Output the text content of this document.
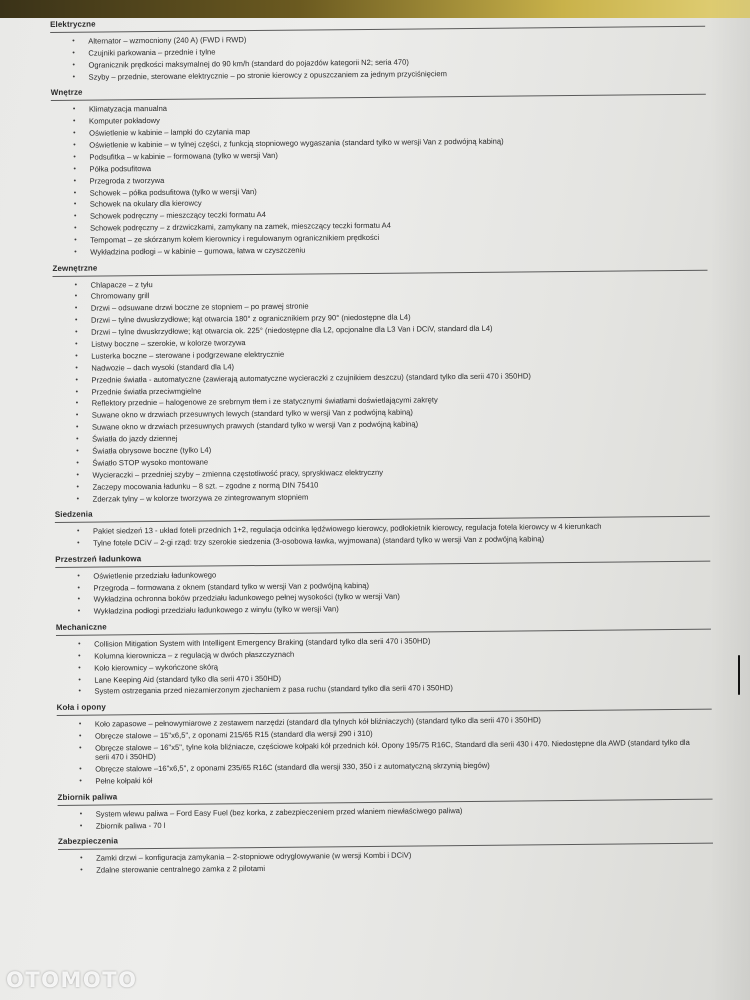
Elektryczne
• Alternator – wzmocniony (240 A) (FWD i RWD)
• Czujniki parkowania – przednie i tylne
• Ogranicznik prędkości maksymalnej do 90 km/h (standard do pojazdów kategorii N2; seria 470)
• Szyby – przednie, sterowane elektrycznie – po stronie kierowcy z opuszczaniem za jednym przyciśnięciem
Wnętrze
• Klimatyzacja manualna
• Komputer pokładowy
• Oświetlenie w kabinie – lampki do czytania map
• Oświetlenie w kabinie – w tylnej części, z funkcją stopniowego wygaszania (standard tylko w wersji Van z podwójną kabiną)
• Podsufitka – w kabinie – formowana (tylko w wersji Van)
• Półka podsufitowa
• Przegroda z tworzywa
• Schowek – półka podsufitowa (tylko w wersji Van)
• Schowek na okulary dla kierowcy
• Schowek podręczny – mieszczący teczki formatu A4
• Schowek podręczny – z drzwiczkami, zamykany na zamek, mieszczący teczki formatu A4
• Tempomat – ze skórzanym kołem kierownicy i regulowanym ogranicznikiem prędkości
• Wykładzina podłogi – w kabinie – gumowa, łatwa w czyszczeniu
Zewnętrzne
• Chlapacze – z tyłu
• Chromowany grill
• Drzwi – odsuwane drzwi boczne ze stopniem – po prawej stronie
• Drzwi – tylne dwuskrzydłowe; kąt otwarcia 180° z ogranicznikiem przy 90° (niedostępne dla L4)
• Drzwi – tylne dwuskrzydłowe; kąt otwarcia ok. 225° (niedostępne dla L2, opcjonalne dla L3 Van i DCiV, standard dla L4)
• Listwy boczne – szerokie, w kolorze tworzywa
• Lusterka boczne – sterowane i podgrzewane elektrycznie
• Nadwozie – dach wysoki (standard dla L4)
• Przednie światła - automatyczne (zawierają automatyczne wycieraczki z czujnikiem deszczu) (standard tylko dla serii 470 i 350HD)
• Przednie światła przeciwmgielne
• Reflektory przednie – halogenowe ze srebrnym tłem i ze statycznymi światłami doświetlającymi zakręty
• Suwane okno w drzwiach przesuwnych lewych (standard tylko w wersji Van z podwójną kabiną)
• Suwane okno w drzwiach przesuwnych prawych (standard tylko w wersji Van z podwójną kabiną)
• Światła do jazdy dziennej
• Światła obrysowe boczne (tylko L4)
• Światło STOP wysoko montowane
• Wycieraczki – przedniej szyby – zmienna częstotliwość pracy, spryskiwacz elektryczny
• Zaczepy mocowania ładunku – 8 szt. – zgodne z normą DIN 75410
• Zderzak tylny – w kolorze tworzywa ze zintegrowanym stopniem
Siedzenia
• Pakiet siedzeń 13 - układ foteli przednich 1+2, regulacja odcinka lędźwiowego kierowcy, podłokietnik kierowcy, regulacja fotela kierowcy w 4 kierunkach
• Tylne fotele DCiV – 2-gi rząd: trzy szerokie siedzenia (3-osobowa ławka, wyjmowana) (standard tylko w wersji Van z podwójną kabiną)
Przestrzeń ładunkowa
• Oświetlenie przedziału ładunkowego
• Przegroda – formowana z oknem (standard tylko w wersji Van z podwójną kabiną)
• Wykładzina ochronna boków przedziału ładunkowego pełnej wysokości (tylko w wersji Van)
• Wykładzina podłogi przedziału ładunkowego z winylu (tylko w wersji Van)
Mechaniczne
• Collision Mitigation System with Intelligent Emergency Braking (standard tylko dla serii 470 i 350HD)
• Kolumna kierownicza – z regulacją w dwóch płaszczyznach
• Koło kierownicy – wykończone skórą
• Lane Keeping Aid (standard tylko dla serii 470 i 350HD)
• System ostrzegania przed niezamierzonym zjechaniem z pasa ruchu (standard tylko dla serii 470 i 350HD)
Koła i opony
• Koło zapasowe – pełnowymiarowe z zestawem narzędzi (standard dla tylnych kół bliźniaczych) (standard tylko dla serii 470 i 350HD)
• Obręcze stalowe – 15"x6,5", z oponami 215/65 R15 (standard dla wersji 290 i 310)
• Obręcze stalowe – 16"x5", tylne koła bliźniacze, częściowe kołpaki kół przednich kół. Opony 195/75 R16C, Standard dla serii 430 i 470. Niedostępne dla AWD (standard tylko dla serii 470 i 350HD)
• Obręcze stalowe –16"x6,5", z oponami 235/65 R16C (standard dla wersji 330, 350 i z automatyczną skrzynią biegów)
• Pełne kołpaki kół
Zbiornik paliwa
• System wlewu paliwa – Ford Easy Fuel (bez korka, z zabezpieczeniem przed wlaniem niewłaściwego paliwa)
• Zbiornik paliwa - 70 l
Zabezpieczenia
• Zamki drzwi – konfiguracja zamykania – 2-stopniowe odryglowywanie (w wersji Kombi i DCiV)
• Zdalne sterowanie centralnego zamka z 2 pilotami
OTOMOTO
